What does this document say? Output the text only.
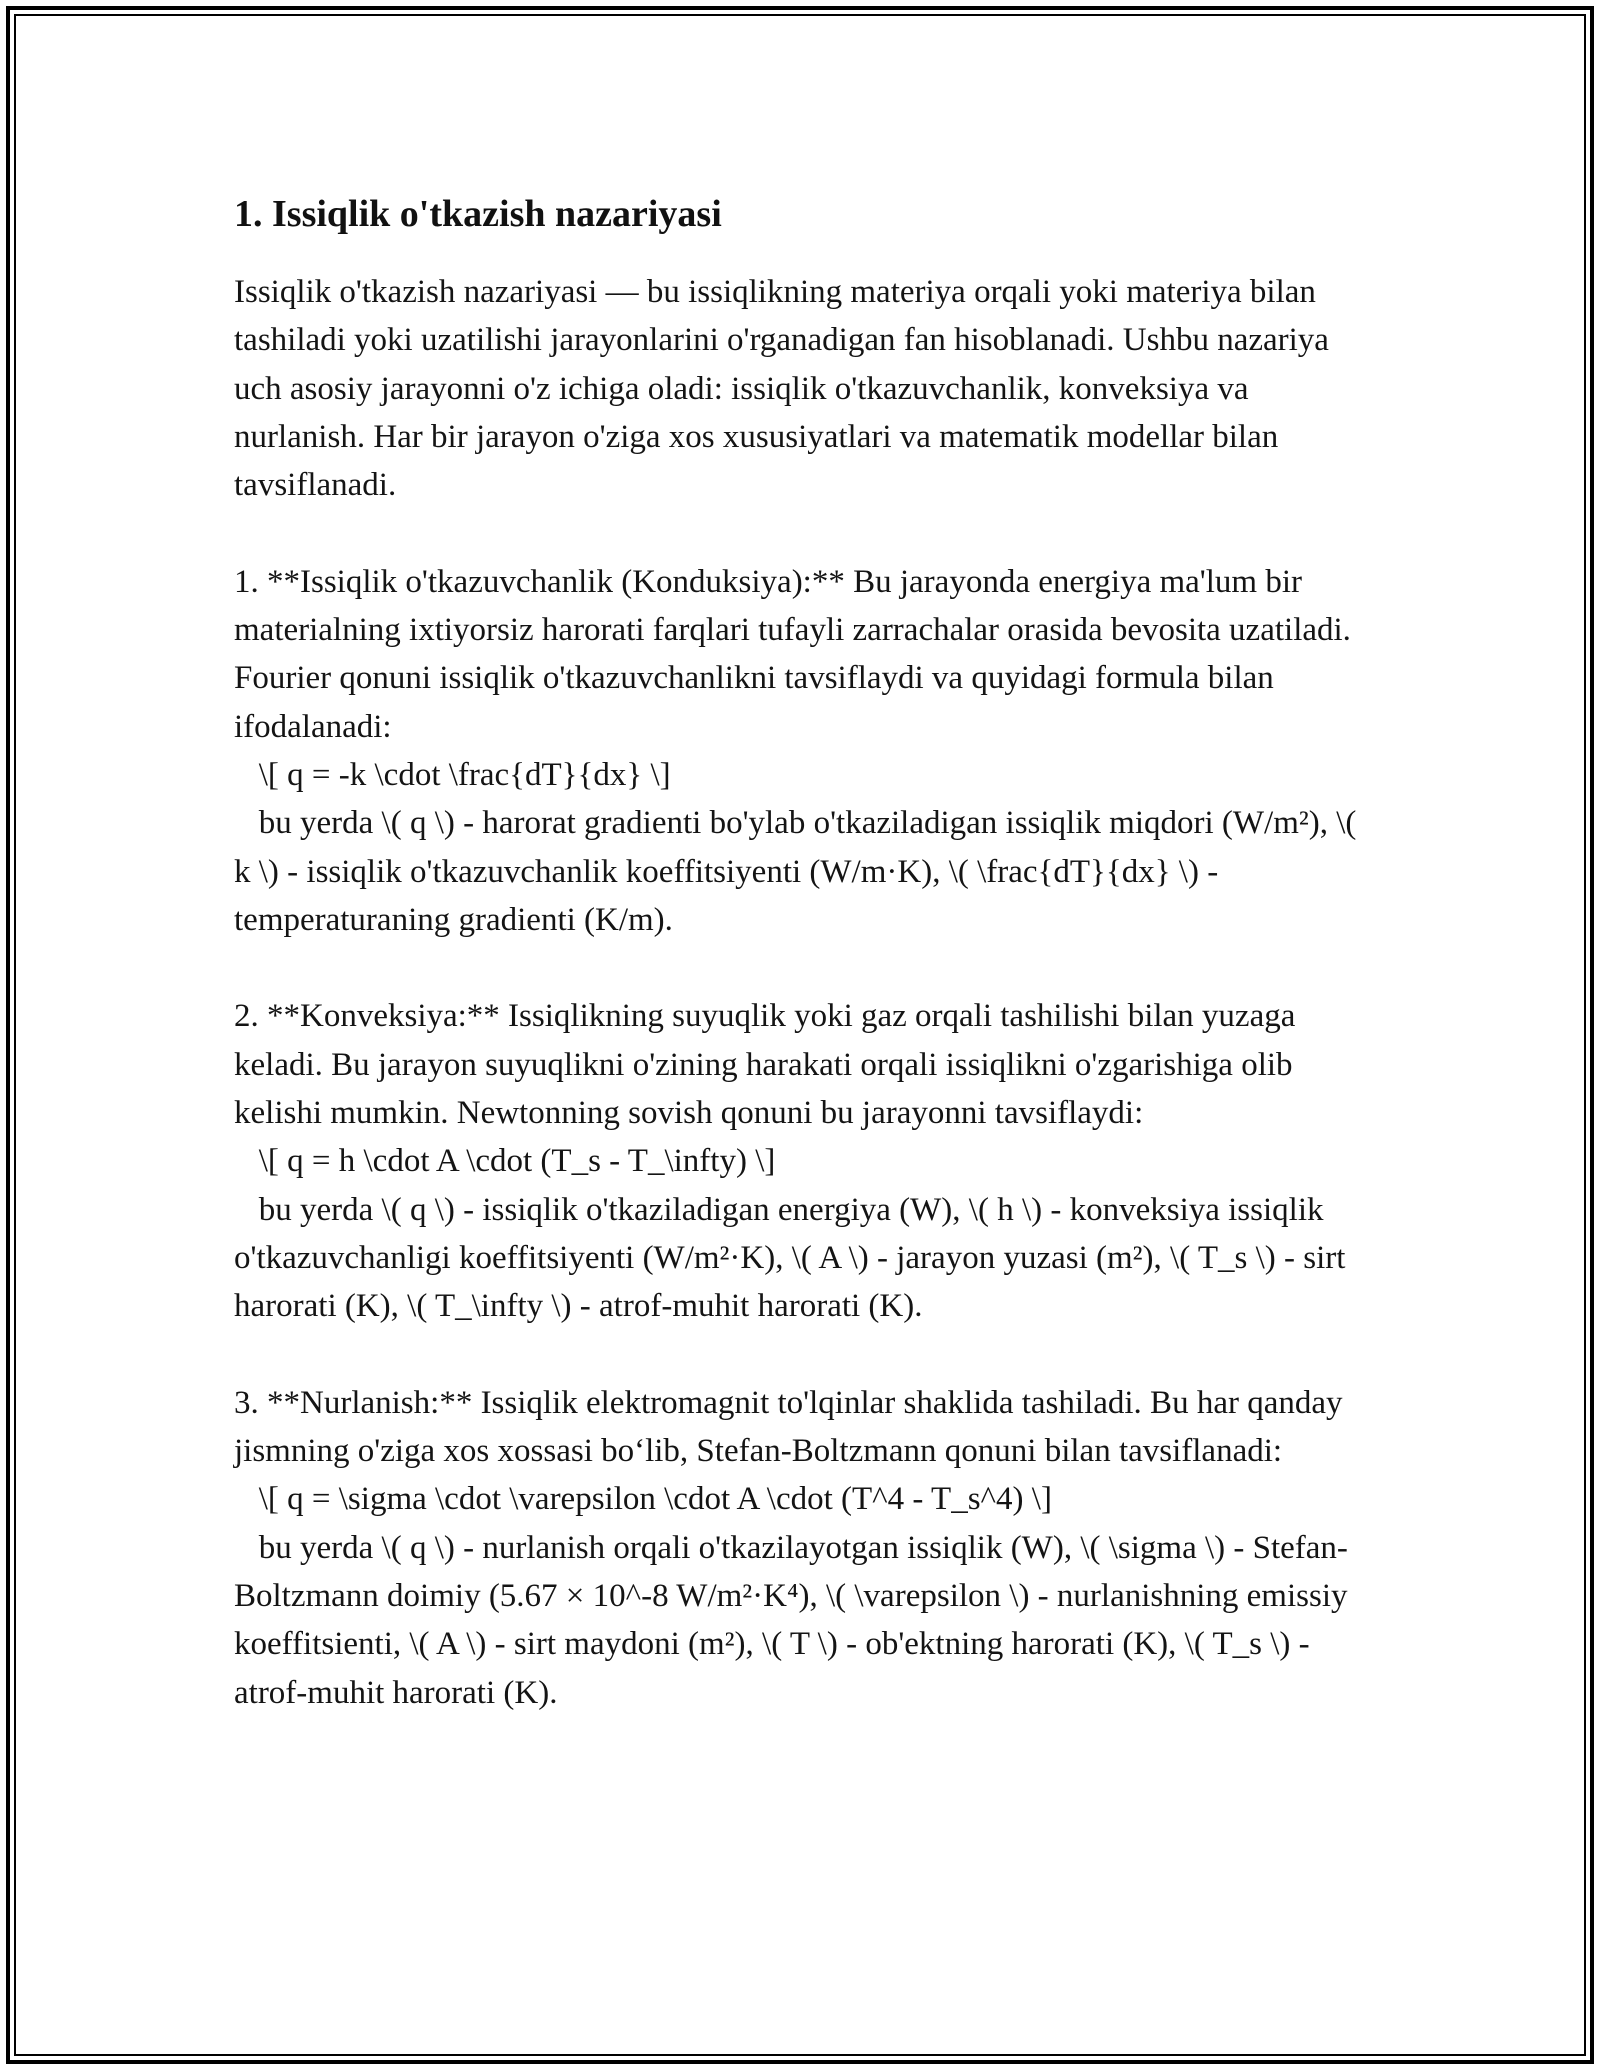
1. Issiqlik o'tkazish nazariyasi

Issiqlik o'tkazish nazariyasi — bu issiqlikning materiya orqali yoki materiya bilan tashiladi yoki uzatilishi jarayonlarini o'rganadigan fan hisoblanadi. Ushbu nazariya uch asosiy jarayonni o'z ichiga oladi: issiqlik o'tkazuvchanlik, konveksiya va nurlanish. Har bir jarayon o'ziga xos xususiyatlari va matematik modellar bilan tavsiflanadi.

1. **Issiqlik o'tkazuvchanlik (Konduksiya):** Bu jarayonda energiya ma'lum bir materialning ixtiyorsiz harorati farqlari tufayli zarrachalar orasida bevosita uzatiladi. Fourier qonuni issiqlik o'tkazuvchanlikni tavsiflaydi va quyidagi formula bilan ifodalanadi:
\[ q = -k \cdot \frac{dT}{dx} \]
bu yerda \( q \) - harorat gradienti bo'ylab o'tkaziladigan issiqlik miqdori (W/m²), \( k \) - issiqlik o'tkazuvchanlik koeffitsiyenti (W/m·K), \( \frac{dT}{dx} \) - temperaturaning gradienti (K/m).

2. **Konveksiya:** Issiqlikning suyuqlik yoki gaz orqali tashilishi bilan yuzaga keladi. Bu jarayon suyuqlikni o'zining harakati orqali issiqlikni o'zgarishiga olib kelishi mumkin. Newtonning sovish qonuni bu jarayonni tavsiflaydi:
\[ q = h \cdot A \cdot (T_s - T_\infty) \]
bu yerda \( q \) - issiqlik o'tkaziladigan energiya (W), \( h \) - konveksiya issiqlik o'tkazuvchanligi koeffitsiyenti (W/m²·K), \( A \) - jarayon yuzasi (m²), \( T_s \) - sirt harorati (K), \( T_\infty \) - atrof-muhit harorati (K).

3. **Nurlanish:** Issiqlik elektromagnit to'lqinlar shaklida tashiladi. Bu har qanday jismning o'ziga xos xossasi bo‘lib, Stefan-Boltzmann qonuni bilan tavsiflanadi:
\[ q = \sigma \cdot \varepsilon \cdot A \cdot (T^4 - T_s^4) \]
bu yerda \( q \) - nurlanish orqali o'tkazilayotgan issiqlik (W), \( \sigma \) - Stefan-Boltzmann doimiy (5.67 × 10^-8 W/m²·K⁴), \( \varepsilon \) - nurlanishning emissiy koeffitsienti, \( A \) - sirt maydoni (m²), \( T \) - ob'ektning harorati (K), \( T_s \) - atrof-muhit harorati (K).
